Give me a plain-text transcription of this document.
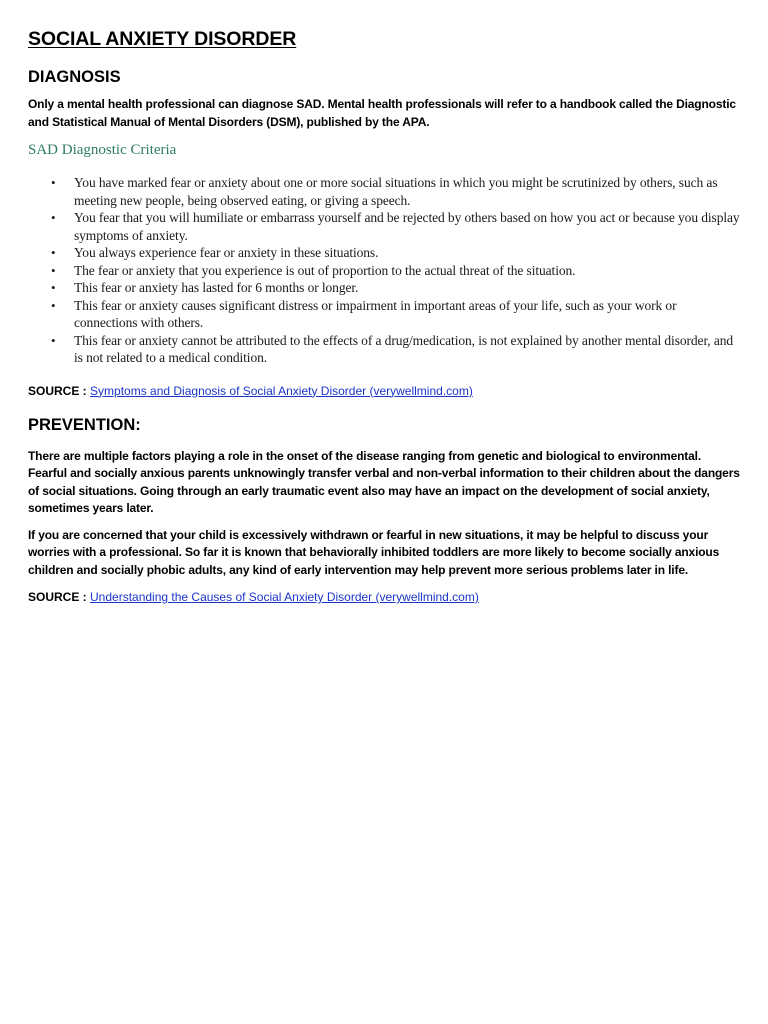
SOCIAL ANXIETY DISORDER
DIAGNOSIS

Only a mental health professional can diagnose SAD. Mental health professionals will refer to a handbook called the Diagnostic and Statistical Manual of Mental Disorders (DSM), published by the APA.

SAD Diagnostic Criteria
• You have marked fear or anxiety about one or more social situations in which you might be scrutinized by others, such as meeting new people, being observed eating, or giving a speech.
• You fear that you will humiliate or embarrass yourself and be rejected by others based on how you act or because you display symptoms of anxiety.
• You always experience fear or anxiety in these situations.
• The fear or anxiety that you experience is out of proportion to the actual threat of the situation.
• This fear or anxiety has lasted for 6 months or longer.
• This fear or anxiety causes significant distress or impairment in important areas of your life, such as your work or connections with others.
• This fear or anxiety cannot be attributed to the effects of a drug/medication, is not explained by another mental disorder, and is not related to a medical condition.

SOURCE : Symptoms and Diagnosis of Social Anxiety Disorder (verywellmind.com)

PREVENTION:

There are multiple factors playing a role in the onset of the disease ranging from genetic and biological to environmental. Fearful and socially anxious parents unknowingly transfer verbal and non-verbal information to their children about the dangers of social situations. Going through an early traumatic event also may have an impact on the development of social anxiety, sometimes years later.

If you are concerned that your child is excessively withdrawn or fearful in new situations, it may be helpful to discuss your worries with a professional. So far it is known that behaviorally inhibited toddlers are more likely to become socially anxious children and socially phobic adults, any kind of early intervention may help prevent more serious problems later in life.

SOURCE : Understanding the Causes of Social Anxiety Disorder (verywellmind.com)
